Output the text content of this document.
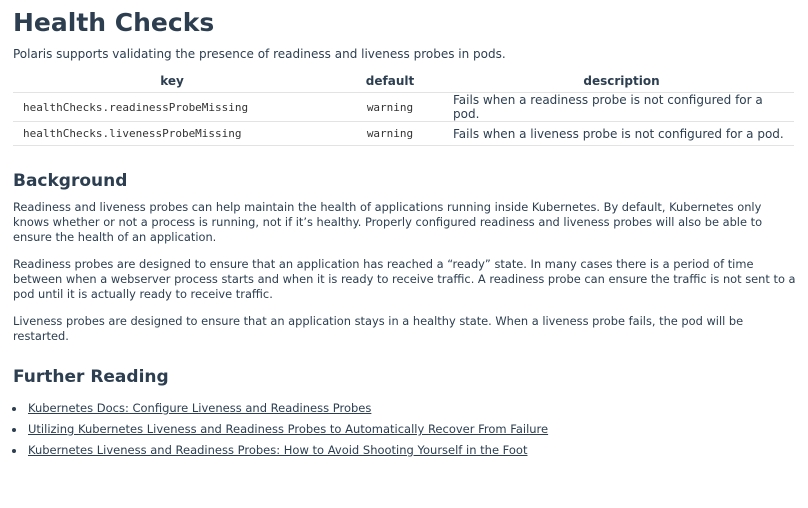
Health Checks

Polaris supports validating the presence of readiness and liveness probes in pods.

key	default	description
healthChecks.readinessProbeMissing	warning	Fails when a readiness probe is not configured for a pod.
healthChecks.livenessProbeMissing	warning	Fails when a liveness probe is not configured for a pod.
Background

Readiness and liveness probes can help maintain the health of applications running inside Kubernetes. By default, Kubernetes only knows whether or not a process is running, not if it’s healthy. Properly configured readiness and liveness probes will also be able to ensure the health of an application.

Readiness probes are designed to ensure that an application has reached a “ready” state. In many cases there is a period of time between when a webserver process starts and when it is ready to receive traffic. A readiness probe can ensure the traffic is not sent to a pod until it is actually ready to receive traffic.

Liveness probes are designed to ensure that an application stays in a healthy state. When a liveness probe fails, the pod will be restarted.

Further Reading
• Kubernetes Docs: Configure Liveness and Readiness Probes
• Utilizing Kubernetes Liveness and Readiness Probes to Automatically Recover From Failure
• Kubernetes Liveness and Readiness Probes: How to Avoid Shooting Yourself in the Foot
